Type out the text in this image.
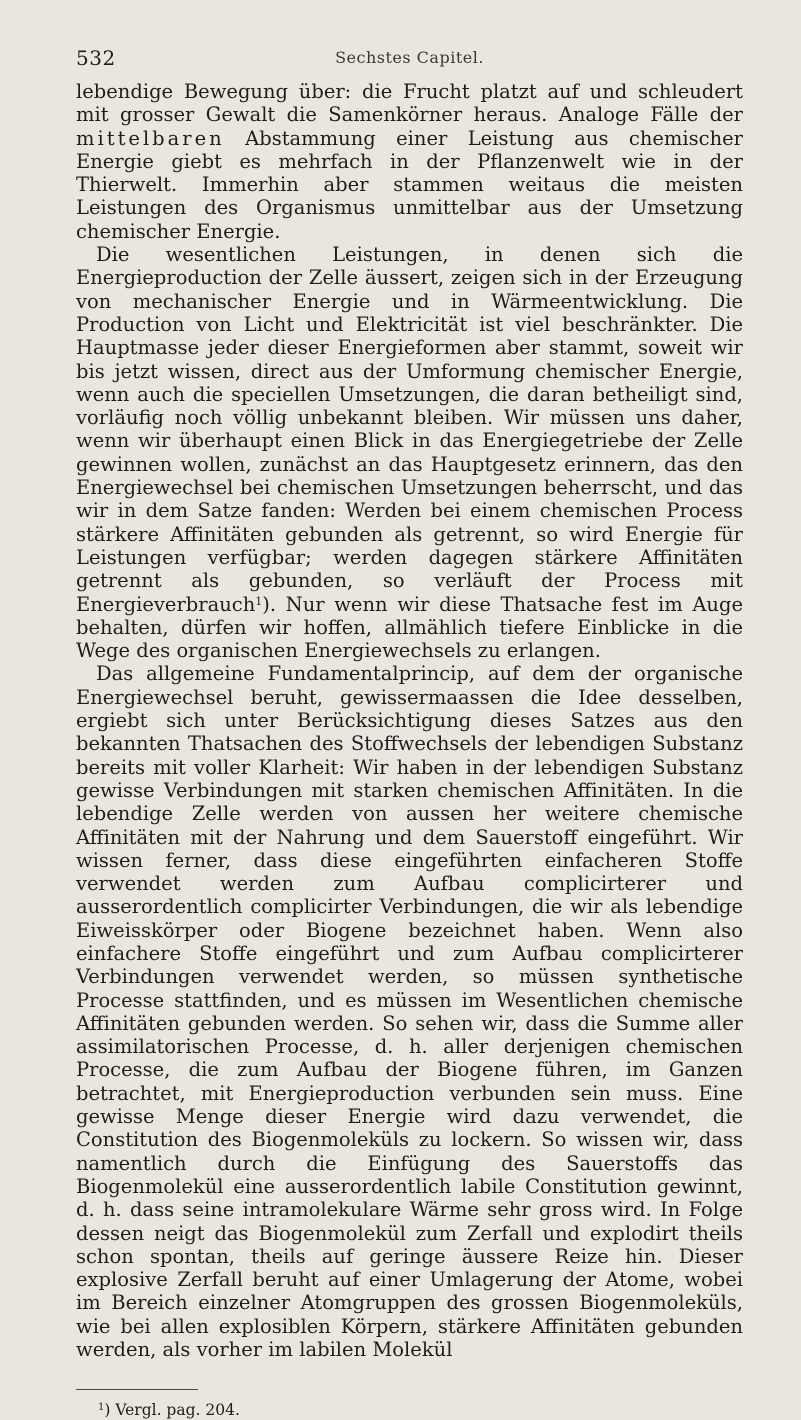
532	Sechstes Capitel.

lebendige Bewegung über: die Frucht platzt auf und schleudert mit grosser Gewalt die Samenkörner heraus. Analoge Fälle der mittelbaren Abstammung einer Leistung aus chemischer Energie giebt es mehrfach in der Pflanzenwelt wie in der Thierwelt. Immerhin aber stammen weitaus die meisten Leistungen des Organismus unmittelbar aus der Umsetzung chemischer Energie.

Die wesentlichen Leistungen, in denen sich die Energieproduction der Zelle äussert, zeigen sich in der Erzeugung von mechanischer Energie und in Wärmeentwicklung. Die Production von Licht und Elektricität ist viel beschränkter. Die Hauptmasse jeder dieser Energieformen aber stammt, soweit wir bis jetzt wissen, direct aus der Umformung chemischer Energie, wenn auch die speciellen Umsetzungen, die daran betheiligt sind, vorläufig noch völlig unbekannt bleiben. Wir müssen uns daher, wenn wir überhaupt einen Blick in das Energiegetriebe der Zelle gewinnen wollen, zunächst an das Hauptgesetz erinnern, das den Energiewechsel bei chemischen Umsetzungen beherrscht, und das wir in dem Satze fanden: Werden bei einem chemischen Process stärkere Affinitäten gebunden als getrennt, so wird Energie für Leistungen verfügbar; werden dagegen stärkere Affinitäten getrennt als gebunden, so verläuft der Process mit Energieverbrauch$^1$). Nur wenn wir diese Thatsache fest im Auge behalten, dürfen wir hoffen, allmählich tiefere Einblicke in die Wege des organischen Energiewechsels zu erlangen.

Das allgemeine Fundamentalprincip, auf dem der organische Energiewechsel beruht, gewissermaassen die Idee desselben, ergiebt sich unter Berücksichtigung dieses Satzes aus den bekannten Thatsachen des Stoffwechsels der lebendigen Substanz bereits mit voller Klarheit: Wir haben in der lebendigen Substanz gewisse Verbindungen mit starken chemischen Affinitäten. In die lebendige Zelle werden von aussen her weitere chemische Affinitäten mit der Nahrung und dem Sauerstoff eingeführt. Wir wissen ferner, dass diese eingeführten einfacheren Stoffe verwendet werden zum Aufbau complicirterer und ausserordentlich complicirter Verbindungen, die wir als lebendige Eiweisskörper oder Biogene bezeichnet haben. Wenn also einfachere Stoffe eingeführt und zum Aufbau complicirterer Verbindungen verwendet werden, so müssen synthetische Processe stattfinden, und es müssen im Wesentlichen chemische Affinitäten gebunden werden. So sehen wir, dass die Summe aller assimilatorischen Processe, d. h. aller derjenigen chemischen Processe, die zum Aufbau der Biogene führen, im Ganzen betrachtet, mit Energieproduction verbunden sein muss. Eine gewisse Menge dieser Energie wird dazu verwendet, die Constitution des Biogenmoleküls zu lockern. So wissen wir, dass namentlich durch die Einfügung des Sauerstoffs das Biogenmolekül eine ausserordentlich labile Constitution gewinnt, d. h. dass seine intramolekulare Wärme sehr gross wird. In Folge dessen neigt das Biogenmolekül zum Zerfall und explodirt theils schon spontan, theils auf geringe äussere Reize hin. Dieser explosive Zerfall beruht auf einer Umlagerung der Atome, wobei im Bereich einzelner Atomgruppen des grossen Biogenmoleküls, wie bei allen explosiblen Körpern, stärkere Affinitäten gebunden werden, als vorher im labilen Molekül

$^1$) Vergl. pag. 204.
